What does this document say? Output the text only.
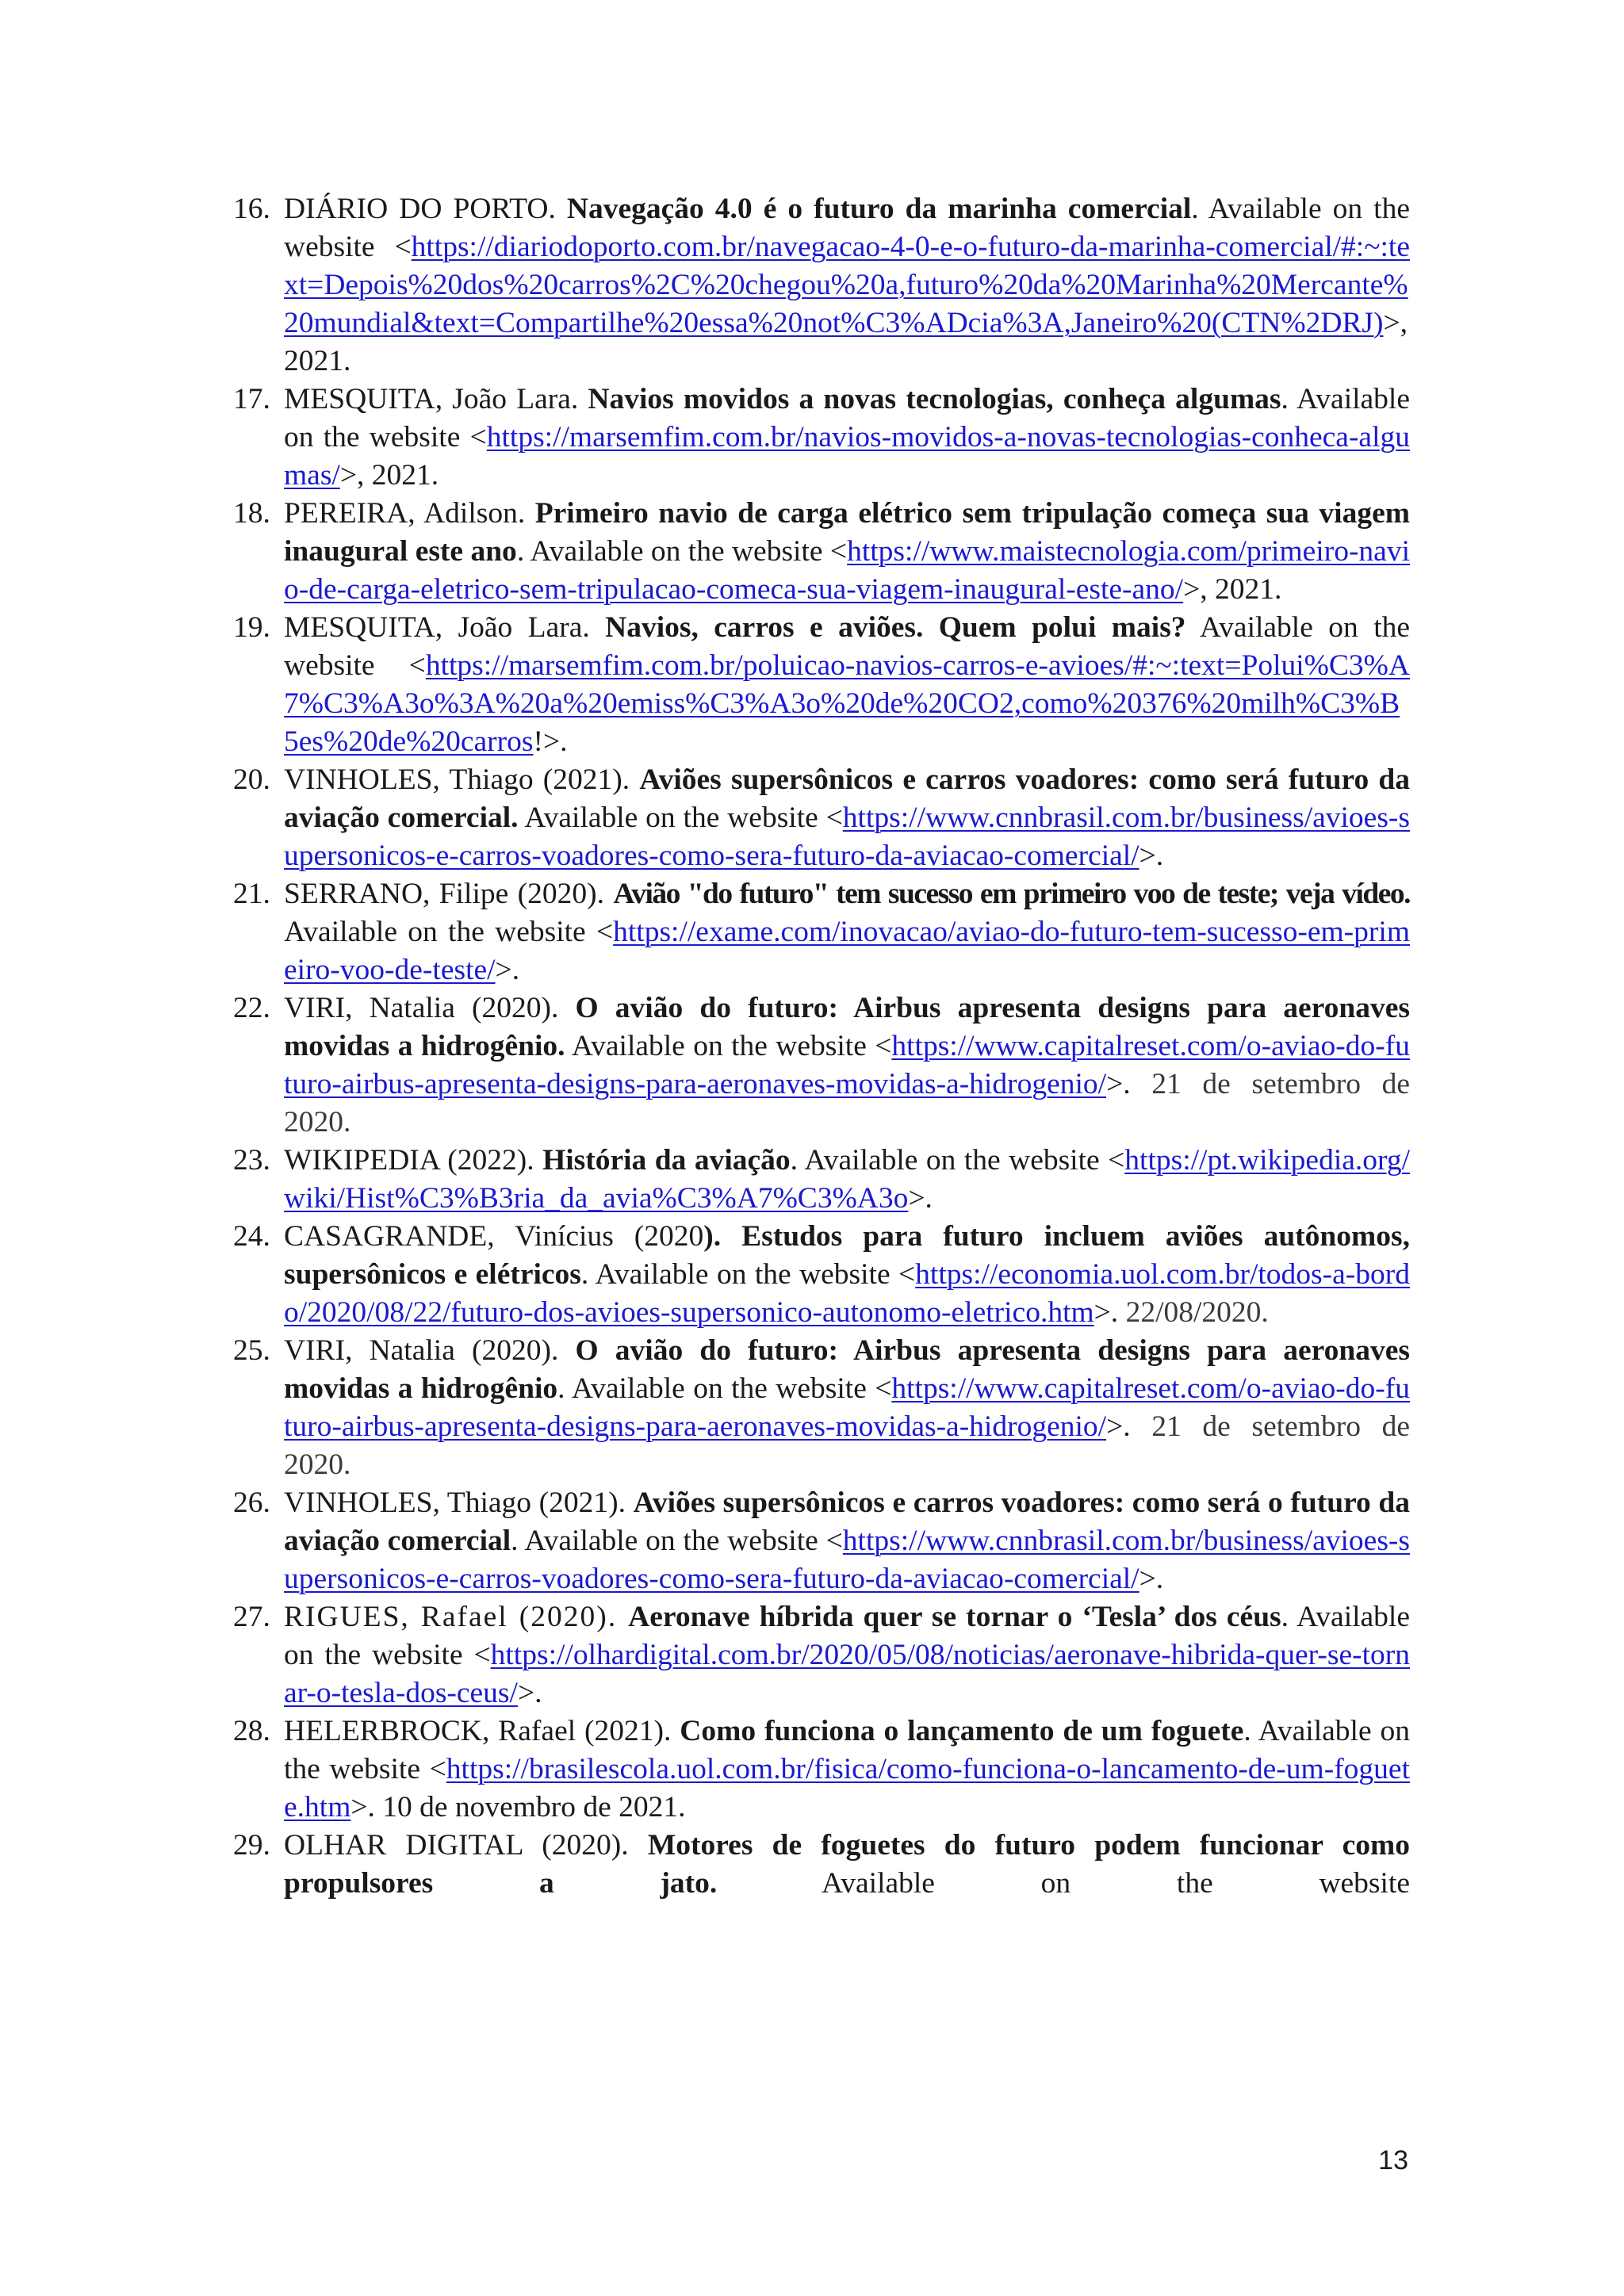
16. DIÁRIO DO PORTO. Navegação 4.0 é o futuro da marinha comercial. Available on the website <https://diariodoporto.com.br/navegacao-4-0-e-o-futuro-da-marinha-comercial/#:~:text=Depois%20dos%20carros%2C%20chegou%20a,futuro%20da%20Marinha%20Mercante%20mundial&text=Compartilhe%20essa%20not%C3%ADcia%3A,Janeiro%20(CTN%2DRJ)>, 2021.
17. MESQUITA, João Lara. Navios movidos a novas tecnologias, conheça algumas. Available on the website <https://marsemfim.com.br/navios-movidos-a-novas-tecnologias-conheca-algumas/>, 2021.
18. PEREIRA, Adilson. Primeiro navio de carga elétrico sem tripulação começa sua viagem inaugural este ano. Available on the website <https://www.maistecnologia.com/primeiro-navio-de-carga-eletrico-sem-tripulacao-comeca-sua-viagem-inaugural-este-ano/>, 2021.
19. MESQUITA, João Lara. Navios, carros e aviões. Quem polui mais? Available on the website <https://marsemfim.com.br/poluicao-navios-carros-e-avioes/#:~:text=Polui%C3%A7%C3%A3o%3A%20a%20emiss%C3%A3o%20de%20CO2,como%20376%20milh%C3%B5es%20de%20carros!>.
20. VINHOLES, Thiago (2021). Aviões supersônicos e carros voadores: como será futuro da aviação comercial. Available on the website <https://www.cnnbrasil.com.br/business/avioes-supersonicos-e-carros-voadores-como-sera-futuro-da-aviacao-comercial/>.
21. SERRANO, Filipe (2020). Avião "do futuro" tem sucesso em primeiro voo de teste; veja vídeo. Available on the website <https://exame.com/inovacao/aviao-do-futuro-tem-sucesso-em-primeiro-voo-de-teste/>.
22. VIRI, Natalia (2020). O avião do futuro: Airbus apresenta designs para aeronaves movidas a hidrogênio. Available on the website <https://www.capitalreset.com/o-aviao-do-futuro-airbus-apresenta-designs-para-aeronaves-movidas-a-hidrogenio/>. 21 de setembro de 2020.
23. WIKIPEDIA (2022). História da aviação. Available on the website <https://pt.wikipedia.org/wiki/Hist%C3%B3ria_da_avia%C3%A7%C3%A3o>.
24. CASAGRANDE, Vinícius (2020). Estudos para futuro incluem aviões autônomos, supersônicos e elétricos. Available on the website <https://economia.uol.com.br/todos-a-bordo/2020/08/22/futuro-dos-avioes-supersonico-autonomo-eletrico.htm>. 22/08/2020.
25. VIRI, Natalia (2020). O avião do futuro: Airbus apresenta designs para aeronaves movidas a hidrogênio. Available on the website <https://www.capitalreset.com/o-aviao-do-futuro-airbus-apresenta-designs-para-aeronaves-movidas-a-hidrogenio/>. 21 de setembro de 2020.
26. VINHOLES, Thiago (2021). Aviões supersônicos e carros voadores: como será o futuro da aviação comercial. Available on the website <https://www.cnnbrasil.com.br/business/avioes-supersonicos-e-carros-voadores-como-sera-futuro-da-aviacao-comercial/>.
27. RIGUES, Rafael (2020). Aeronave híbrida quer se tornar o ‘Tesla’ dos céus. Available on the website <https://olhardigital.com.br/2020/05/08/noticias/aeronave-hibrida-quer-se-tornar-o-tesla-dos-ceus/>.
28. HELERBROCK, Rafael (2021). Como funciona o lançamento de um foguete. Available on the website <https://brasilescola.uol.com.br/fisica/como-funciona-o-lancamento-de-um-foguete.htm>. 10 de novembro de 2021.
29. OLHAR DIGITAL (2020). Motores de foguetes do futuro podem funcionar como propulsores a jato. Available on the website
13
